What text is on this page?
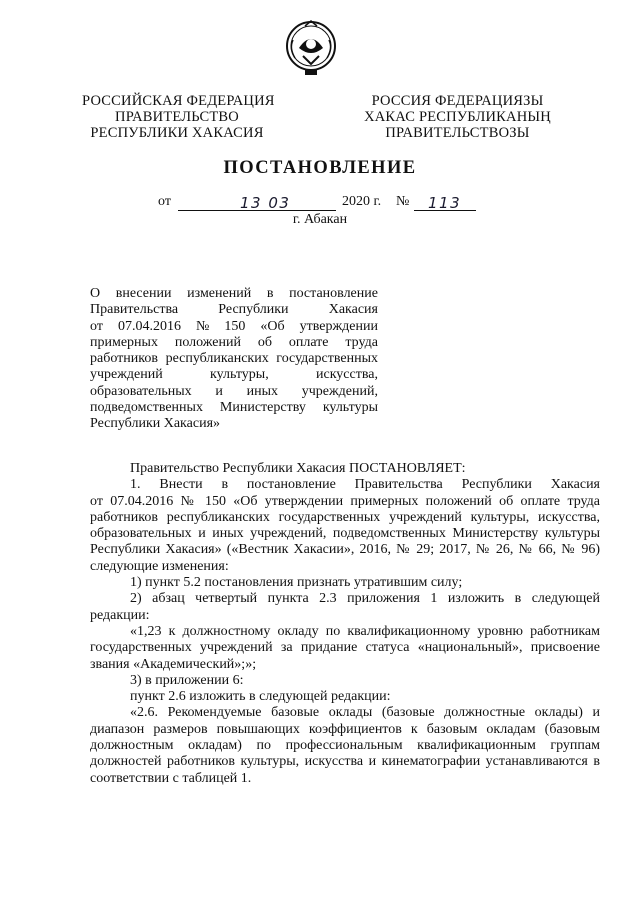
РОССИЙСКАЯ ФЕДЕРАЦИЯ
ПРАВИТЕЛЬСТВО
РЕСПУБЛИКИ ХАКАСИЯ
РОССИЯ ФЕДЕРАЦИЯЗЫ
ХАКАС РЕСПУБЛИКАНЫҢ
ПРАВИТЕЛЬСТВОЗЫ
ПОСТАНОВЛЕНИЕ
от	13 03	2020 г. № 113
г. Абакан
О внесении изменений в постановление
Правительства	Республики	Хакасия
от 07.04.2016 № 150 «Об утверждении
примерных положений об оплате труда
работников республиканских государственных
учреждений	культуры,	искусства,
образовательных и иных учреждений,
подведомственных Министерству культуры
Республики Хакасия»

Правительство Республики Хакасия ПОСТАНОВЛЯЕТ:

1. Внести в постановление Правительства Республики Хакасия

от 07.04.2016 № 150 «Об утверждении примерных положений об оплате труда

работников республиканских государственных учреждений культуры, искусства,

образовательных и иных учреждений, подведомственных Министерству культуры

Республики Хакасия» («Вестник Хакасии», 2016, № 29; 2017, № 26, № 66, № 96)

следующие изменения:

1) пункт 5.2 постановления признать утратившим силу;

2) абзац четвертый пункта 2.3 приложения 1 изложить в следующей

редакции:

«1,23 к должностному окладу по квалификационному уровню работникам

государственных учреждений за придание статуса «национальный», присвоение

звания «Академический»;»;

3) в приложении 6:

пункт 2.6 изложить в следующей редакции:

«2.6. Рекомендуемые базовые оклады (базовые должностные оклады) и

диапазон размеров повышающих коэффициентов к базовым окладам (базовым

должностным окладам) по профессиональным квалификационным группам

должностей работников культуры, искусства и кинематографии устанавливаются в

соответствии с таблицей 1.
